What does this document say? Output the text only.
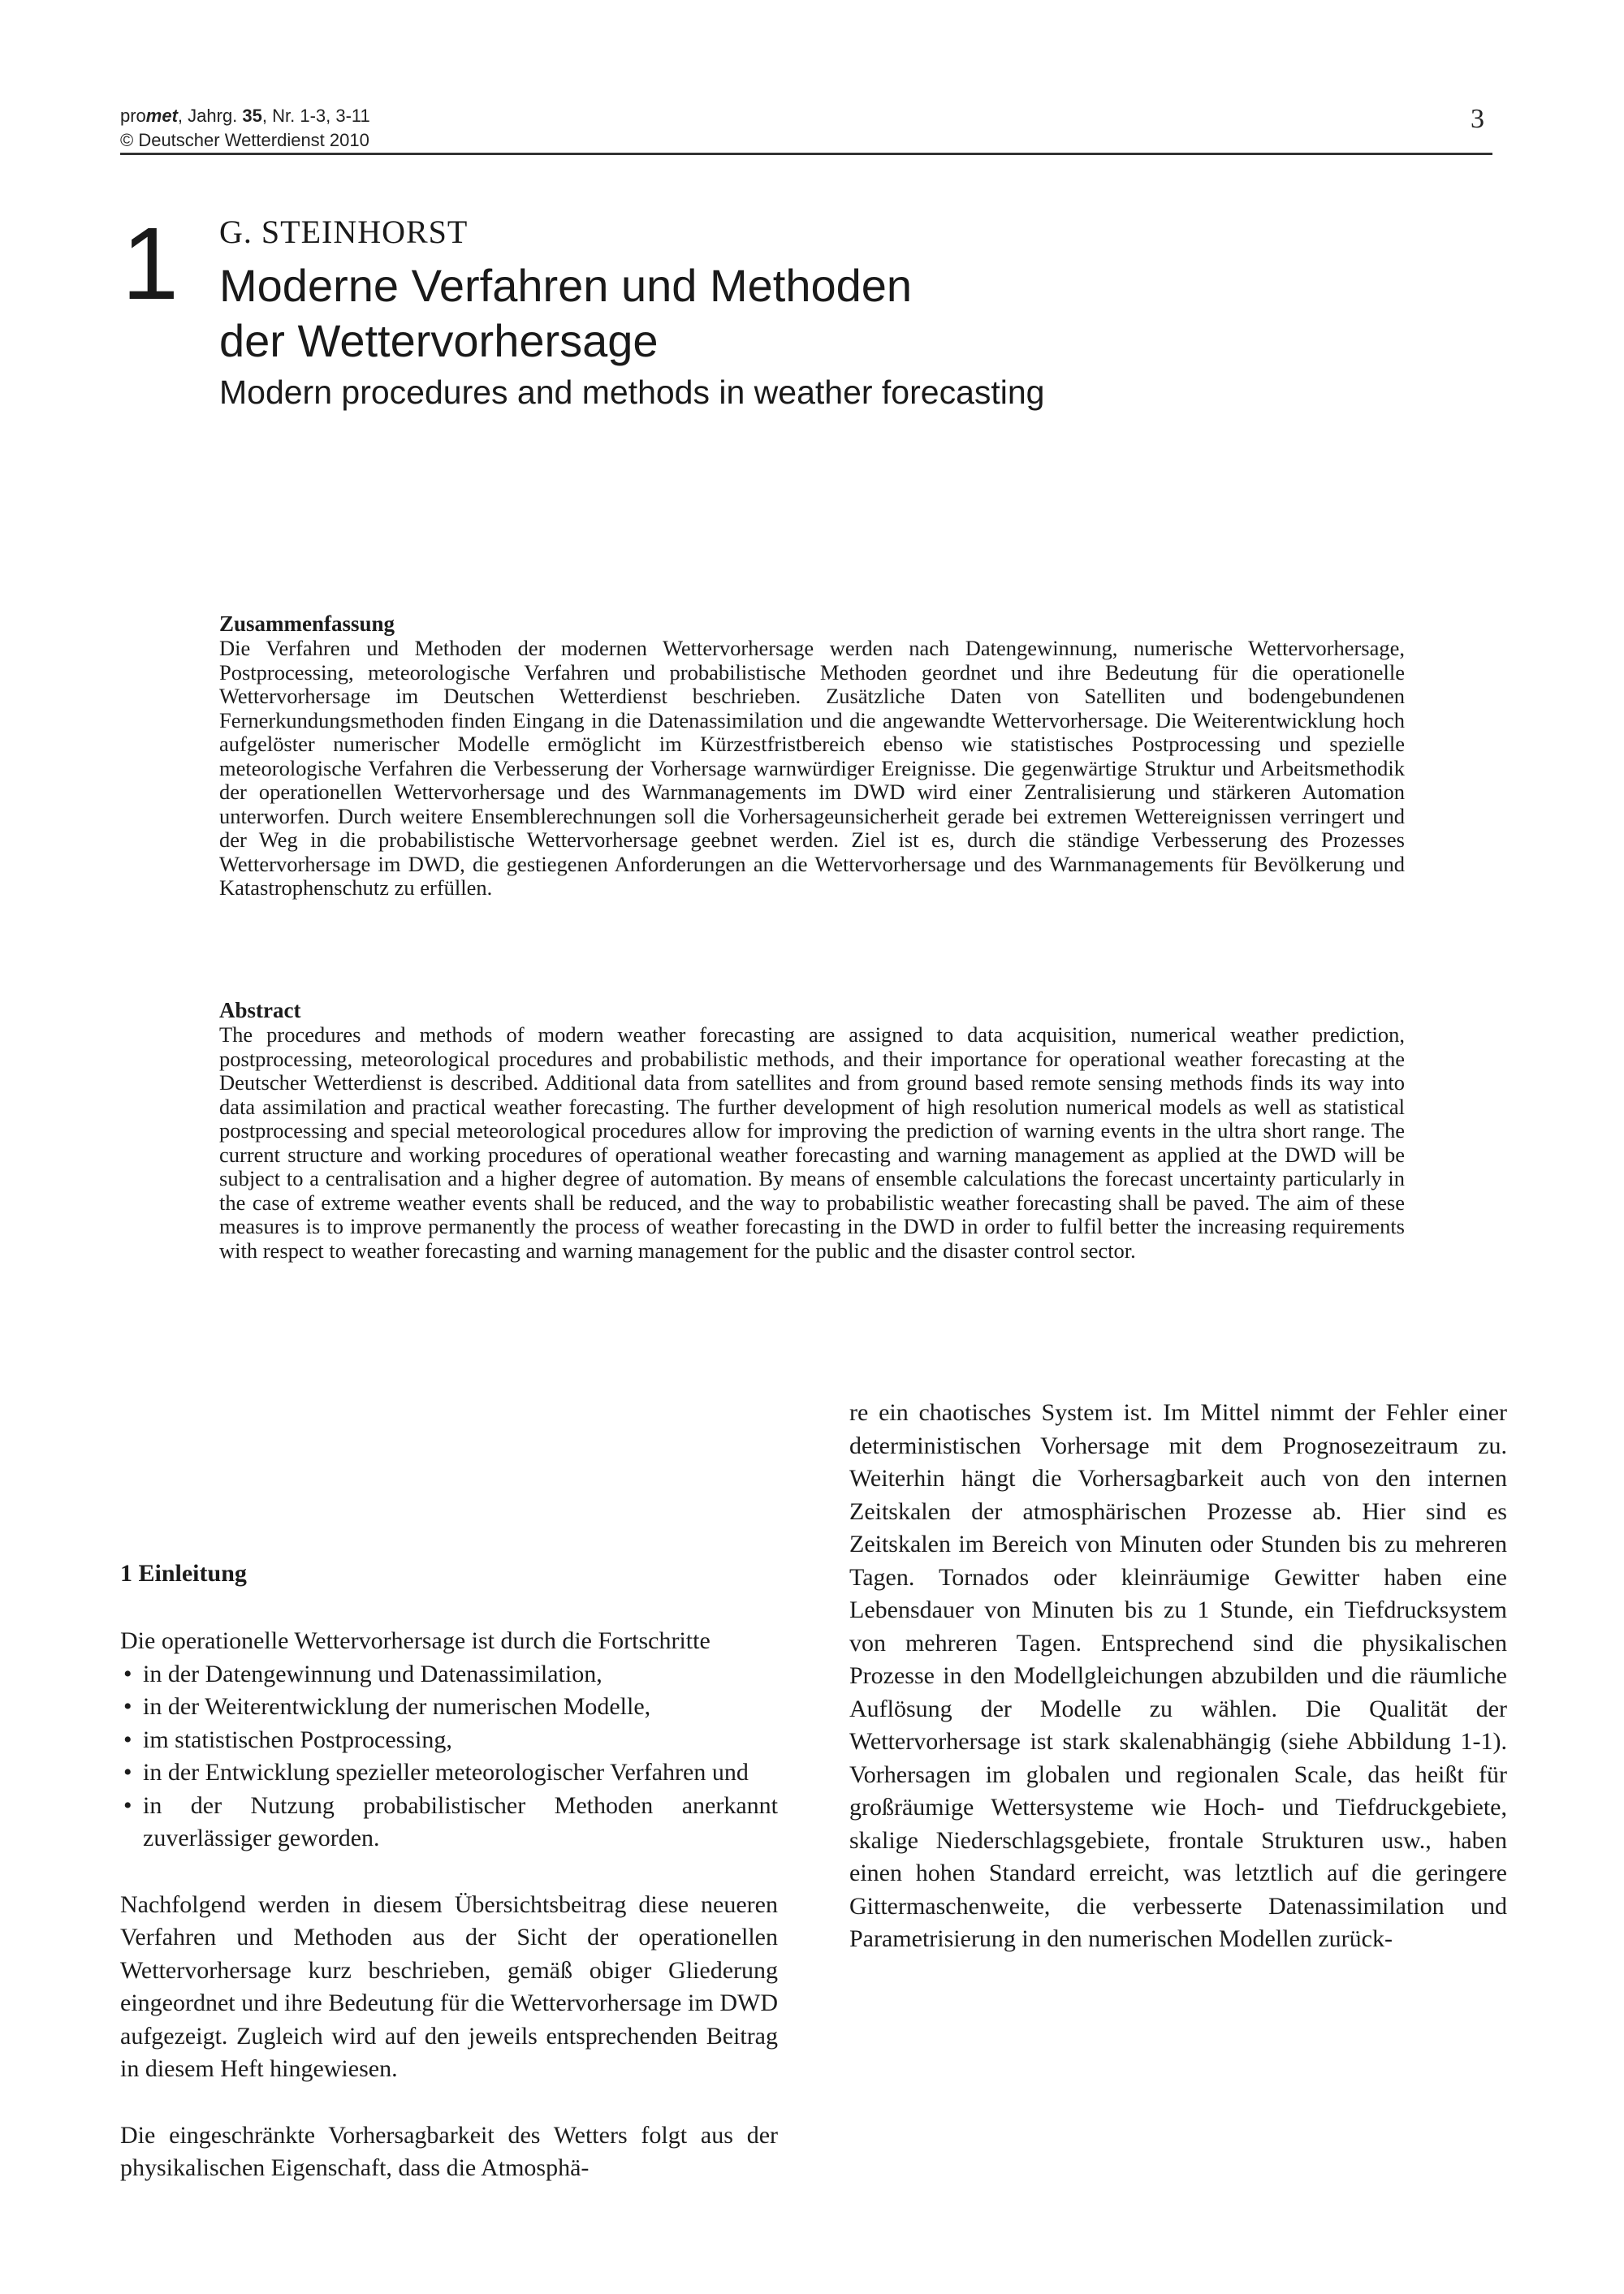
promet, Jahrg. 35, Nr. 1-3, 3-11
© Deutscher Wetterdienst 2010
3
1 G. STEINHORST
Moderne Verfahren und Methoden
der Wettervorhersage
Modern procedures and methods in weather forecasting
Zusammenfassung

Die Verfahren und Methoden der modernen Wettervorhersage werden nach Datengewinnung, numerische Wettervorhersage, Postprocessing, meteorologische Verfahren und probabilistische Methoden geordnet und ihre Bedeutung für die operationelle Wettervorhersage im Deutschen Wetterdienst beschrieben. Zusätzliche Daten von Satelliten und bodengebundenen Fernerkundungsmethoden finden Eingang in die Datenassimilation und die angewandte Wettervorhersage. Die Weiterentwicklung hoch aufgelöster numerischer Modelle ermöglicht im Kürzestfristbereich ebenso wie statistisches Postprocessing und spezielle meteorologische Verfahren die Verbesserung der Vorhersage warnwürdiger Ereignisse. Die gegenwärtige Struktur und Arbeitsmethodik der operationellen Wettervorhersage und des Warnmanagements im DWD wird einer Zentralisierung und stärkeren Automation unterworfen. Durch weitere Ensemblerechnungen soll die Vorhersageunsicherheit gerade bei extremen Wettereignissen verringert und der Weg in die probabilistische Wettervorhersage geebnet werden. Ziel ist es, durch die ständige Verbesserung des Prozesses Wettervorhersage im DWD, die gestiegenen Anforderungen an die Wettervorhersage und des Warnmanagements für Bevölkerung und Katastrophenschutz zu erfüllen.

Abstract

The procedures and methods of modern weather forecasting are assigned to data acquisition, numerical weather prediction, postprocessing, meteorological procedures and probabilistic methods, and their importance for operational weather forecasting at the Deutscher Wetterdienst is described. Additional data from satellites and from ground based remote sensing methods finds its way into data assimilation and practical weather forecasting. The further development of high resolution numerical models as well as statistical postprocessing and special meteorological procedures allow for improving the prediction of warning events in the ultra short range. The current structure and working procedures of operational weather forecasting and warning management as applied at the DWD will be subject to a centralisation and a higher degree of automation. By means of ensemble calculations the forecast uncertainty particularly in the case of extreme weather events shall be reduced, and the way to probabilistic weather forecasting shall be paved. The aim of these measures is to improve permanently the process of weather forecasting in the DWD in order to fulfil better the increasing requirements with respect to weather forecasting and warning management for the public and the disaster control sector.

1 Einleitung

Die operationelle Wettervorhersage ist durch die Fortschritte

• in der Datengewinnung und Datenassimilation,
• in der Weiterentwicklung der numerischen Modelle,
• im statistischen Postprocessing,
• in der Entwicklung spezieller meteorologischer Verfahren und
• in der Nutzung probabilistischer Methoden anerkannt zuverlässiger geworden.

Nachfolgend werden in diesem Übersichtsbeitrag diese neueren Verfahren und Methoden aus der Sicht der operationellen Wettervorhersage kurz beschrieben, gemäß obiger Gliederung eingeordnet und ihre Bedeutung für die Wettervorhersage im DWD aufgezeigt. Zugleich wird auf den jeweils entsprechenden Beitrag in diesem Heft hingewiesen.

Die eingeschränkte Vorhersagbarkeit des Wetters folgt aus der physikalischen Eigenschaft, dass die Atmosphä-

re ein chaotisches System ist. Im Mittel nimmt der Fehler einer deterministischen Vorhersage mit dem Prognosezeitraum zu. Weiterhin hängt die Vorhersagbarkeit auch von den internen Zeitskalen der atmosphärischen Prozesse ab. Hier sind es Zeitskalen im Bereich von Minuten oder Stunden bis zu mehreren Tagen. Tornados oder kleinräumige Gewitter haben eine Lebensdauer von Minuten bis zu 1 Stunde, ein Tiefdrucksystem von mehreren Tagen. Entsprechend sind die physikalischen Prozesse in den Modellgleichungen abzubilden und die räumliche Auflösung der Modelle zu wählen. Die Qualität der Wettervorhersage ist stark skalenabhängig (siehe Abbildung 1-1). Vorhersagen im globalen und regionalen Scale, das heißt für großräumige Wettersysteme wie Hoch- und Tiefdruckgebiete, skalige Niederschlagsgebiete, frontale Strukturen usw., haben einen hohen Standard erreicht, was letztlich auf die geringere Gittermaschenweite, die verbesserte Datenassimilation und Parametrisierung in den numerischen Modellen zurück-
